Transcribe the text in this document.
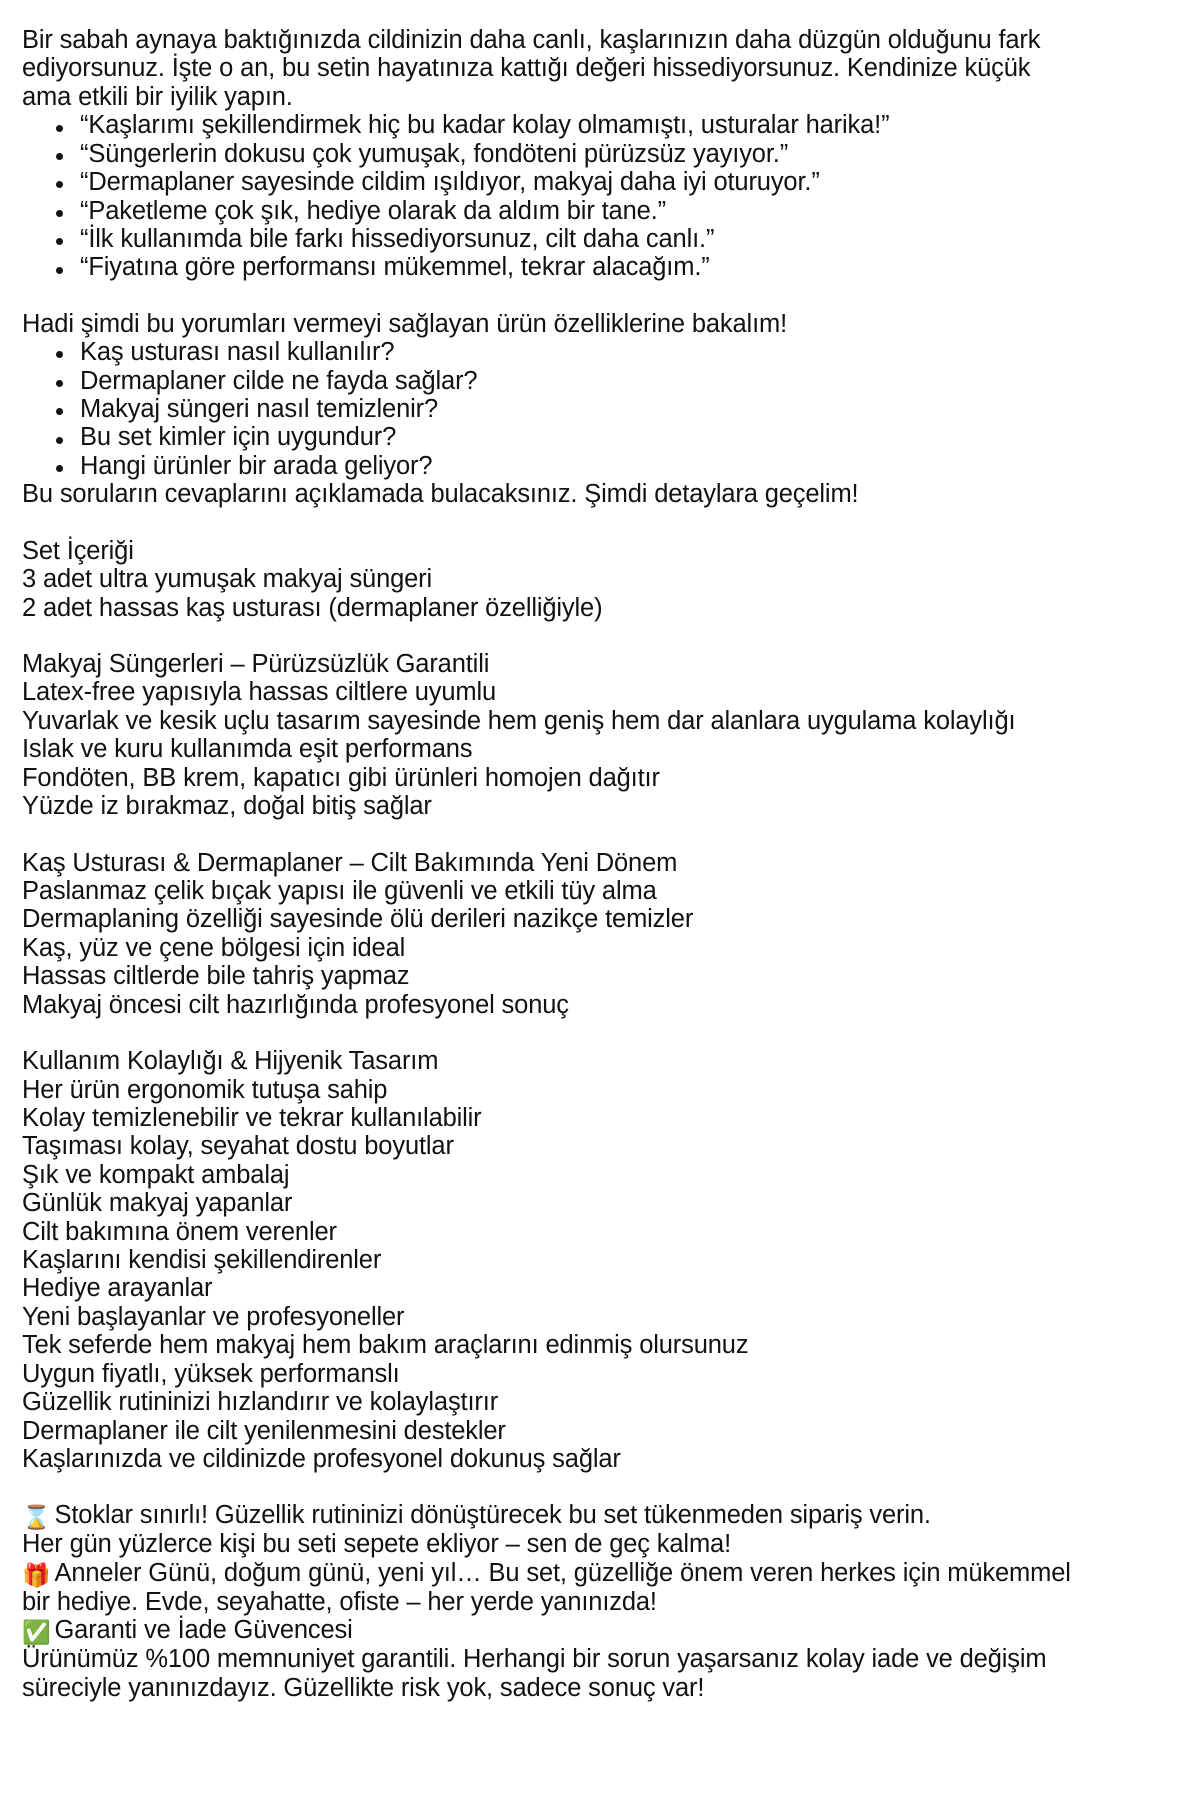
Bir sabah aynaya baktığınızda cildinizin daha canlı, kaşlarınızın daha düzgün olduğunu fark ediyorsunuz. İşte o an, bu setin hayatınıza kattığı değeri hissediyorsunuz. Kendinize küçük ama etkili bir iyilik yapın.

“Kaşlarımı şekillendirmek hiç bu kadar kolay olmamıştı, usturalar harika!”
“Süngerlerin dokusu çok yumuşak, fondöteni pürüzsüz yayıyor.”
“Dermaplaner sayesinde cildim ışıldıyor, makyaj daha iyi oturuyor.”
“Paketleme çok şık, hediye olarak da aldım bir tane.”
“İlk kullanımda bile farkı hissediyorsunuz, cilt daha canlı.”
“Fiyatına göre performansı mükemmel, tekrar alacağım.”

Hadi şimdi bu yorumları vermeyi sağlayan ürün özelliklerine bakalım!

Kaş usturası nasıl kullanılır?
Dermaplaner cilde ne fayda sağlar?
Makyaj süngeri nasıl temizlenir?
Bu set kimler için uygundur?
Hangi ürünler bir arada geliyor?

Bu soruların cevaplarını açıklamada bulacaksınız. Şimdi detaylara geçelim!

Set İçeriği

3 adet ultra yumuşak makyaj süngeri

2 adet hassas kaş usturası (dermaplaner özelliğiyle)

Makyaj Süngerleri – Pürüzsüzlük Garantili

Latex-free yapısıyla hassas ciltlere uyumlu

Yuvarlak ve kesik uçlu tasarım sayesinde hem geniş hem dar alanlara uygulama kolaylığı

Islak ve kuru kullanımda eşit performans

Fondöten, BB krem, kapatıcı gibi ürünleri homojen dağıtır

Yüzde iz bırakmaz, doğal bitiş sağlar

Kaş Usturası & Dermaplaner – Cilt Bakımında Yeni Dönem

Paslanmaz çelik bıçak yapısı ile güvenli ve etkili tüy alma

Dermaplaning özelliği sayesinde ölü derileri nazikçe temizler

Kaş, yüz ve çene bölgesi için ideal

Hassas ciltlerde bile tahriş yapmaz

Makyaj öncesi cilt hazırlığında profesyonel sonuç

Kullanım Kolaylığı & Hijyenik Tasarım

Her ürün ergonomik tutuşa sahip

Kolay temizlenebilir ve tekrar kullanılabilir

Taşıması kolay, seyahat dostu boyutlar

Şık ve kompakt ambalaj

Günlük makyaj yapanlar

Cilt bakımına önem verenler

Kaşlarını kendisi şekillendirenler

Hediye arayanlar

Yeni başlayanlar ve profesyoneller

Tek seferde hem makyaj hem bakım araçlarını edinmiş olursunuz

Uygun fiyatlı, yüksek performanslı

Güzellik rutininizi hızlandırır ve kolaylaştırır

Dermaplaner ile cilt yenilenmesini destekler

Kaşlarınızda ve cildinizde profesyonel dokunuş sağlar

⌛ Stoklar sınırlı! Güzellik rutininizi dönüştürecek bu set tükenmeden sipariş verin.

Her gün yüzlerce kişi bu seti sepete ekliyor – sen de geç kalma!

🎁 Anneler Günü, doğum günü, yeni yıl… Bu set, güzelliğe önem veren herkes için mükemmel bir hediye. Evde, seyahatte, ofiste – her yerde yanınızda!

✅ Garanti ve İade Güvencesi

Ürünümüz %100 memnuniyet garantili. Herhangi bir sorun yaşarsanız kolay iade ve değişim süreciyle yanınızdayız. Güzellikte risk yok, sadece sonuç var!
